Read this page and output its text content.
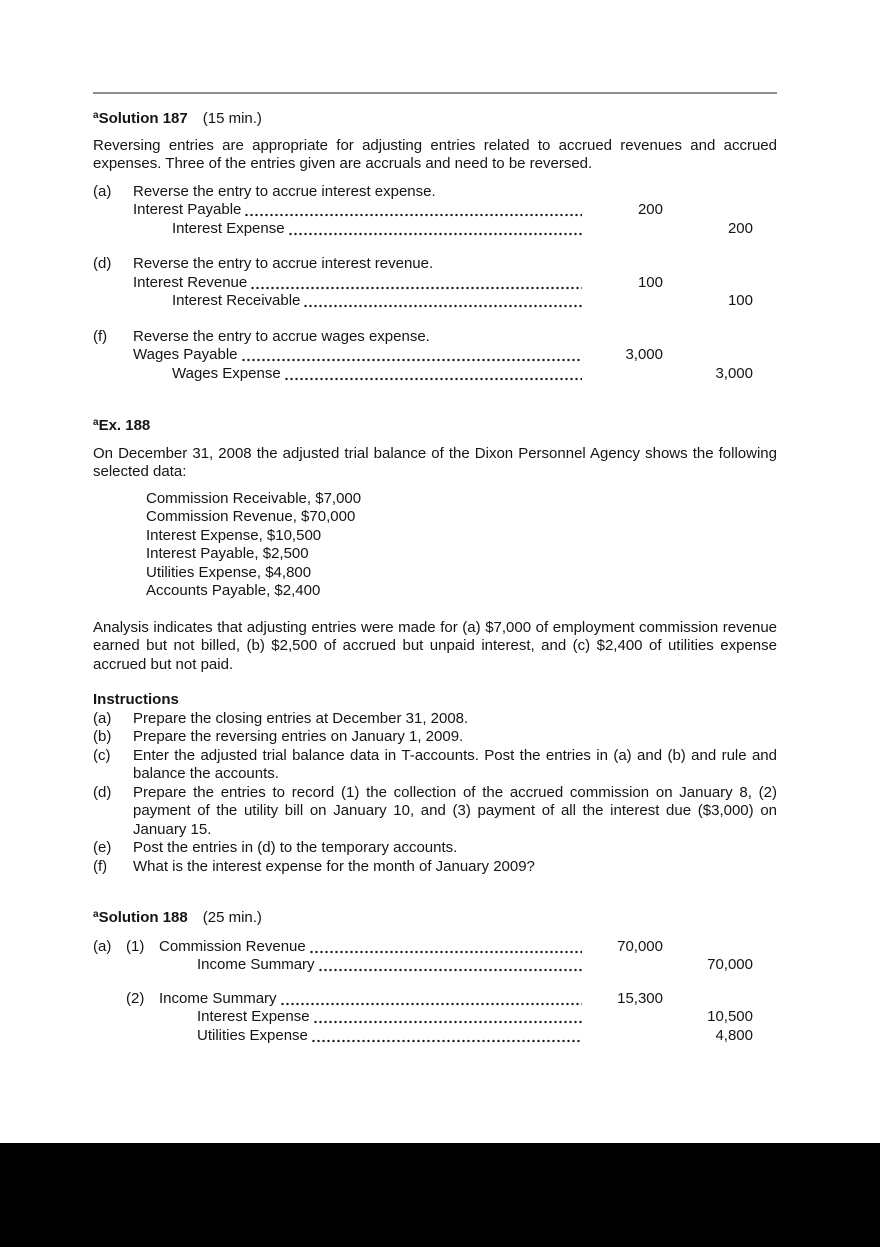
$^a$Solution 187 (15 min.)
Reversing entries are appropriate for adjusting entries related to accrued revenues and accrued expenses. Three of the entries given are accruals and need to be reversed.
(a)	Reverse the entry to accrue interest expense.
Interest Payable	200
Interest Expense	200
(d)	Reverse the entry to accrue interest revenue.
Interest Revenue	100
Interest Receivable	100
(f)	Reverse the entry to accrue wages expense.
Wages Payable	3,000
Wages Expense	3,000
$^a$Ex. 188
On December 31, 2008 the adjusted trial balance of the Dixon Personnel Agency shows the following selected data:
Commission Receivable, $7,000
Commission Revenue, $70,000
Interest Expense, $10,500
Interest Payable, $2,500
Utilities Expense, $4,800
Accounts Payable, $2,400
Analysis indicates that adjusting entries were made for (a) $7,000 of employment commission revenue earned but not billed, (b) $2,500 of accrued but unpaid interest, and (c) $2,400 of utilities expense accrued but not paid.
Instructions
(a)	Prepare the closing entries at December 31, 2008.
(b)	Prepare the reversing entries on January 1, 2009.
(c)	Enter the adjusted trial balance data in T-accounts. Post the entries in (a) and (b) and rule and balance the accounts.
(d)	Prepare the entries to record (1) the collection of the accrued commission on January 8, (2) payment of the utility bill on January 10, and (3) payment of all the interest due ($3,000) on January 15.
(e)	Post the entries in (d) to the temporary accounts.
(f)	What is the interest expense for the month of January 2009?
$^a$Solution 188 (25 min.)
(a) (1) Commission Revenue	70,000
Income Summary	70,000
(2) Income Summary	15,300
Interest Expense	10,500
Utilities Expense	4,800
